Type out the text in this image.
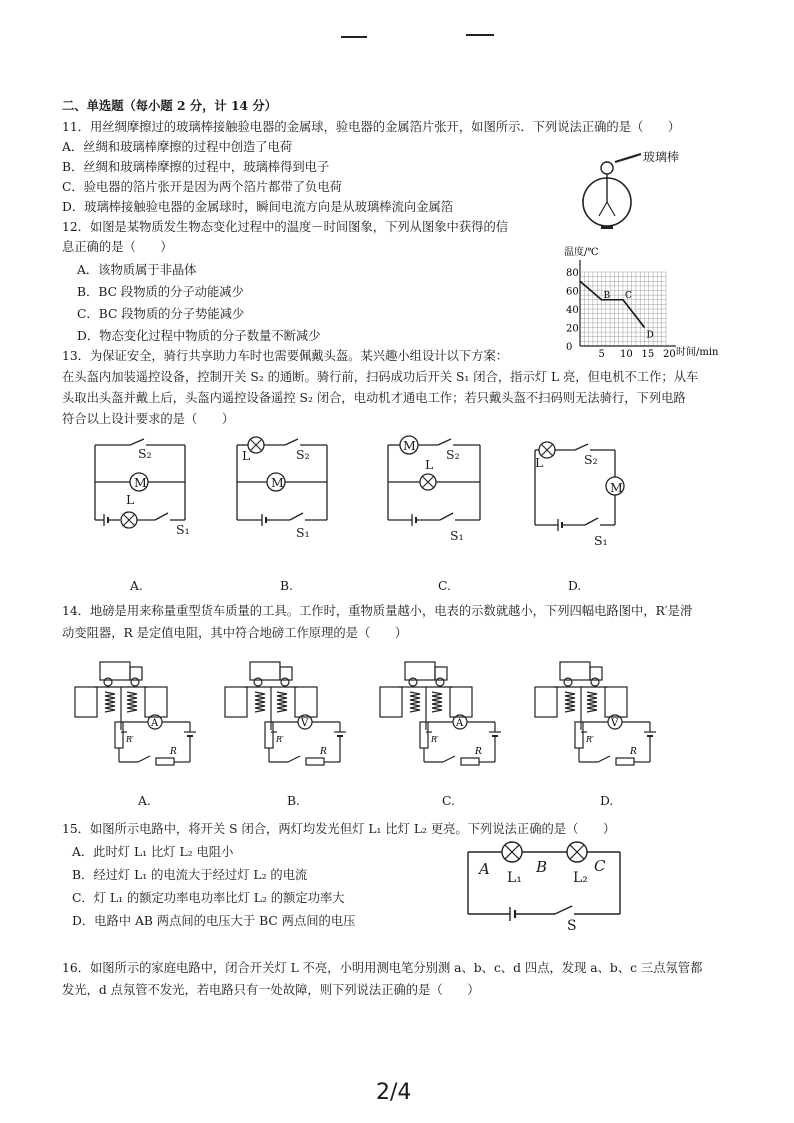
二、单选题（每小题 2 分，计 14 分）
11．用丝绸摩擦过的玻璃棒接触验电器的金属球，验电器的金属箔片张开，如图所示．下列说法正确的是（　　）
A．丝绸和玻璃棒摩擦的过程中创造了电荷
B．丝绸和玻璃棒摩擦的过程中，玻璃棒得到电子
C．验电器的箔片张开是因为两个箔片都带了负电荷
D．玻璃棒接触验电器的金属球时，瞬间电流方向是从玻璃棒流向金属箔
玻璃棒
12．如图是某物质发生物态变化过程中的温度－时间图象，下列从图象中获得的信
息正确的是（　　）
A．该物质属于非晶体
B．BC 段物质的分子动能减少
C．BC 段物质的分子势能减少
D．物态变化过程中物质的分子数量不断减少
温度/℃
时间/min
5 10 15 20
0
20
40
60
80
B C
D
13．为保证安全，骑行共享助力车时也需要佩戴头盔。某兴趣小组设计以下方案：
在头盔内加装遥控设备，控制开关 S₂ 的通断。骑行前，扫码成功后开关 S₁ 闭合，指示灯 L 亮，但电机不工作；从车
头取出头盔并戴上后，头盔内遥控设备遥控 S₂ 闭合，电动机才通电工作；若只戴头盔不扫码则无法骑行，下列电路
符合以上设计要求的是（　　）
S₂
M
L
S₁
L	S₂
M
S₁
M
S₂
L
S₁
L	S₂
M
S₁
A.	B.	C.	D.
14．地磅是用来称量重型货车质量的工具。工作时，重物质量越小，电表的示数就越小，下列四幅电路图中，R′是滑
动变阻器，R 是定值电阻，其中符合地磅工作原理的是（　　）
A
R
R′
V
R
R′
A
R
R′
V
R
R′
A.	B.	C.	D.
15．如图所示电路中，将开关 S 闭合，两灯均发光但灯 L₁ 比灯 L₂ 更亮。下列说法正确的是（　　）
A．此时灯 L₁ 比灯 L₂ 电阻小
B．经过灯 L₁ 的电流大于经过灯 L₂ 的电流
C．灯 L₁ 的额定功率电功率比灯 L₂ 的额定功率大
D．电路中 AB 两点间的电压大于 BC 两点间的电压
A	B	C
L₁	L₂
S
16．如图所示的家庭电路中，闭合开关灯 L 不亮，小明用测电笔分别测 a、b、c、d 四点，发现 a、b、c 三点氖管都
发光，d 点氖管不发光，若电路只有一处故障，则下列说法正确的是（　　）
2/4
